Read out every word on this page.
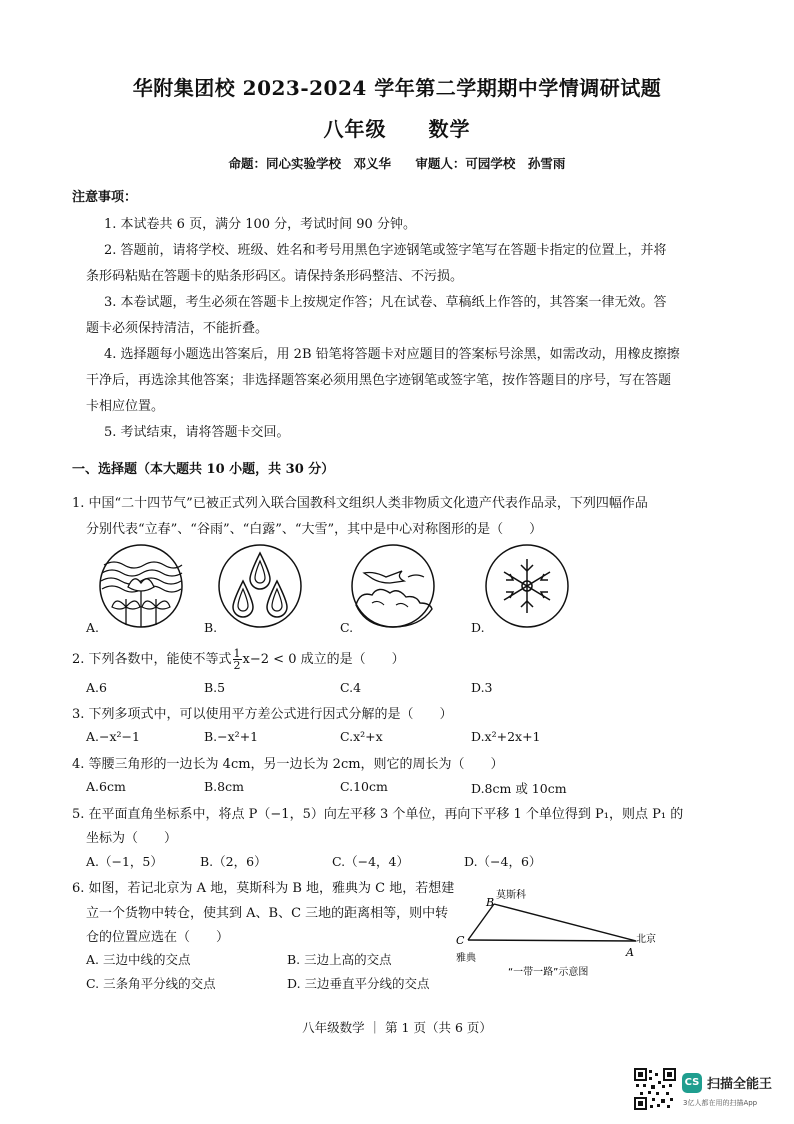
华附集团校 2023-2024 学年第二学期期中学情调研试题
八年级 数学
命题：同心实验学校　邓义华 审题人：可园学校　孙雪雨
注意事项：
1. 本试卷共 6 页，满分 100 分，考试时间 90 分钟。
2. 答题前，请将学校、班级、姓名和考号用黑色字迹钢笔或签字笔写在答题卡指定的位置上，并将
条形码粘贴在答题卡的贴条形码区。请保持条形码整洁、不污损。
3. 本卷试题，考生必须在答题卡上按规定作答；凡在试卷、草稿纸上作答的，其答案一律无效。答
题卡必须保持清洁，不能折叠。
4. 选择题每小题选出答案后，用 2B 铅笔将答题卡对应题目的答案标号涂黑，如需改动，用橡皮擦擦
干净后，再选涂其他答案；非选择题答案必须用黑色字迹钢笔或签字笔，按作答题目的序号，写在答题
卡相应位置。
5. 考试结束，请将答题卡交回。
一、选择题（本大题共 10 小题，共 30 分）
1. 中国“二十四节气”已被正式列入联合国教科文组织人类非物质文化遗产代表作品录，下列四幅作品
分别代表“立春”、“谷雨”、“白露”、“大雪”，其中是中心对称图形的是（　　）
A.	B.	C.	D.
2. 下列各数中，能使不等式 $\frac{1}{2} x-2 < 0$ 成立的是（　　）
A.6	B.5	C.4	D.3
3. 下列多项式中，可以使用平方差公式进行因式分解的是（　　）
A.−x²−1	B.−x²+1	C.x²+x	D.x²+2x+1
4. 等腰三角形的一边长为 4cm，另一边长为 2cm，则它的周长为（　　）
A.6cm	B.8cm	C.10cm	D.8cm 或 10cm
5. 在平面直角坐标系中，将点 P（−1，5）向左平移 3 个单位，再向下平移 1 个单位得到 P₁，则点 P₁ 的
坐标为（　　）
A.（−1，5）	B.（2，6）	C.（−4，4）	D.（−4，6）
6. 如图，若记北京为 A 地，莫斯科为 B 地，雅典为 C 地，若想建
立一个货物中转仓，使其到 A、B、C 三地的距离相等，则中转
仓的位置应选在（　　）
A. 三边中线的交点	B. 三边上高的交点
C. 三条角平分线的交点	D. 三边垂直平分线的交点
B
莫斯科
C
雅典	A
北京
“一带一路”示意图
八年级数学 ｜ 第 1 页（共 6 页）
CS 扫描全能王
3亿人都在用的扫描App
